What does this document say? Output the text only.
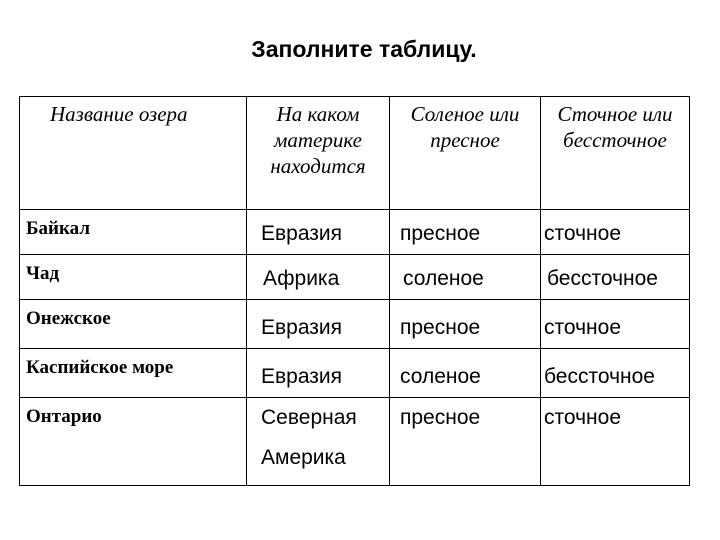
Заполните таблицу.
Название озера	На каком материке находится	Соленое или пресное	Сточное или бессточное
Байкал	Евразия	пресное	сточное
Чад	Африка	соленое	бессточное
Онежское	Евразия	пресное	сточное
Каспийское море	Евразия	соленое	бессточное
Онтарио	Северная Америка	пресное	сточное
